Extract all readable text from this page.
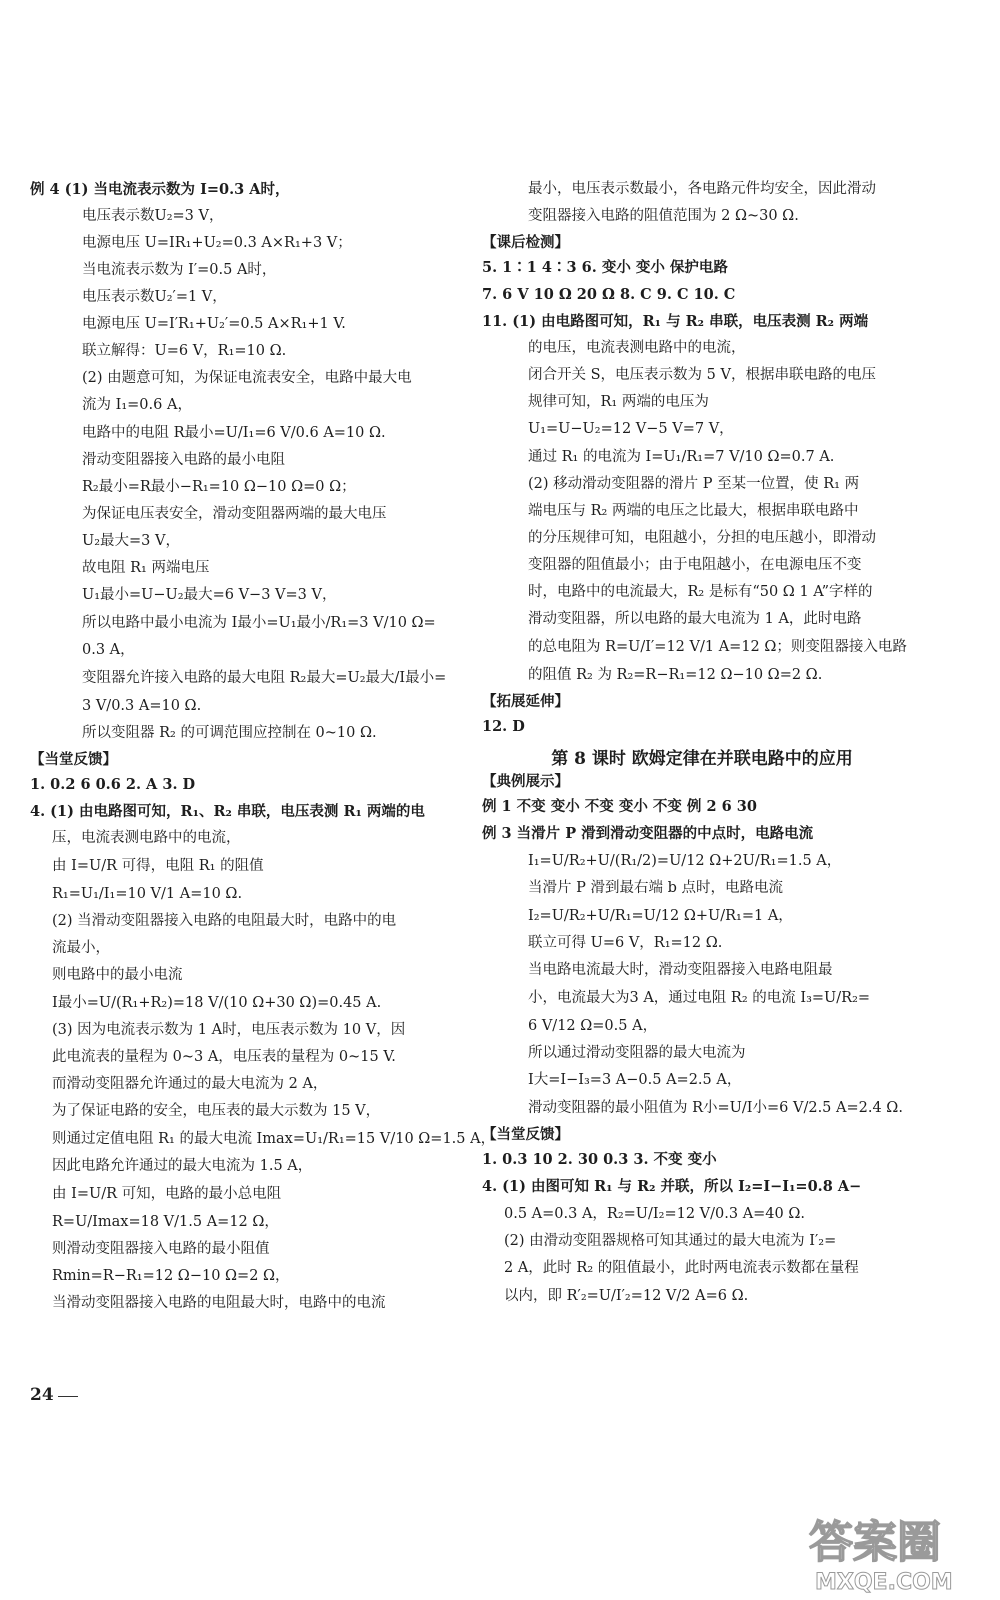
例 4 (1) 当电流表示数为 I=0.3 A时，
电压表示数U₂=3 V，
电源电压 U=IR₁+U₂=0.3 A×R₁+3 V；
当电流表示数为 I′=0.5 A时，
电压表示数U₂′=1 V，
电源电压 U=I′R₁+U₂′=0.5 A×R₁+1 V.
联立解得：U=6 V，R₁=10 Ω.
(2) 由题意可知，为保证电流表安全，电路中最大电
流为 I₁=0.6 A，
电路中的电阻 R最小=U/I₁=6 V/0.6 A=10 Ω.
滑动变阻器接入电路的最小电阻
R₂最小=R最小−R₁=10 Ω−10 Ω=0 Ω；
为保证电压表安全，滑动变阻器两端的最大电压
U₂最大=3 V，
故电阻 R₁ 两端电压
U₁最小=U−U₂最大=6 V−3 V=3 V，
所以电路中最小电流为 I最小=U₁最小/R₁=3 V/10 Ω=
0.3 A，
变阻器允许接入电路的最大电阻 R₂最大=U₂最大/I最小=
3 V/0.3 A=10 Ω.
所以变阻器 R₂ 的可调范围应控制在 0~10 Ω.
【当堂反馈】
1. 0.2 6 0.6 2. A 3. D
4. (1) 由电路图可知，R₁、R₂ 串联，电压表测 R₁ 两端的电
压，电流表测电路中的电流，
由 I=U/R 可得，电阻 R₁ 的阻值
R₁=U₁/I₁=10 V/1 A=10 Ω.
(2) 当滑动变阻器接入电路的电阻最大时，电路中的电
流最小，
则电路中的最小电流
I最小=U/(R₁+R₂)=18 V/(10 Ω+30 Ω)=0.45 A.
(3) 因为电流表示数为 1 A时，电压表示数为 10 V，因
此电流表的量程为 0~3 A，电压表的量程为 0~15 V.
而滑动变阻器允许通过的最大电流为 2 A，
为了保证电路的安全，电压表的最大示数为 15 V，
则通过定值电阻 R₁ 的最大电流 Imax=U₁/R₁=15 V/10 Ω=1.5 A，
因此电路允许通过的最大电流为 1.5 A，
由 I=U/R 可知，电路的最小总电阻
R=U/Imax=18 V/1.5 A=12 Ω，
则滑动变阻器接入电路的最小阻值
Rmin=R−R₁=12 Ω−10 Ω=2 Ω，
当滑动变阻器接入电路的电阻最大时，电路中的电流
最小，电压表示数最小，各电路元件均安全，因此滑动
变阻器接入电路的阻值范围为 2 Ω~30 Ω.
【课后检测】
5. 1∶1 4∶3 6. 变小 变小 保护电路
7. 6 V 10 Ω 20 Ω 8. C 9. C 10. C
11. (1) 由电路图可知，R₁ 与 R₂ 串联，电压表测 R₂ 两端
的电压，电流表测电路中的电流，
闭合开关 S，电压表示数为 5 V，根据串联电路的电压
规律可知，R₁ 两端的电压为
U₁=U−U₂=12 V−5 V=7 V，
通过 R₁ 的电流为 I=U₁/R₁=7 V/10 Ω=0.7 A.
(2) 移动滑动变阻器的滑片 P 至某一位置，使 R₁ 两
端电压与 R₂ 两端的电压之比最大，根据串联电路中
的分压规律可知，电阻越小，分担的电压越小，即滑动
变阻器的阻值最小；由于电阻越小，在电源电压不变
时，电路中的电流最大，R₂ 是标有“50 Ω 1 A”字样的
滑动变阻器，所以电路的最大电流为 1 A，此时电路
的总电阻为 R=U/I′=12 V/1 A=12 Ω；则变阻器接入电路
的阻值 R₂ 为 R₂=R−R₁=12 Ω−10 Ω=2 Ω.
【拓展延伸】
12. D
第 8 课时 欧姆定律在并联电路中的应用
【典例展示】
例 1 不变 变小 不变 变小 不变 例 2 6 30
例 3 当滑片 P 滑到滑动变阻器的中点时，电路电流
I₁=U/R₂+U/(R₁/2)=U/12 Ω+2U/R₁=1.5 A，
当滑片 P 滑到最右端 b 点时，电路电流
I₂=U/R₂+U/R₁=U/12 Ω+U/R₁=1 A，
联立可得 U=6 V，R₁=12 Ω.
当电路电流最大时，滑动变阻器接入电路电阻最
小，电流最大为3 A，通过电阻 R₂ 的电流 I₃=U/R₂=
6 V/12 Ω=0.5 A，
所以通过滑动变阻器的最大电流为
I大=I−I₃=3 A−0.5 A=2.5 A，
滑动变阻器的最小阻值为 R小=U/I小=6 V/2.5 A=2.4 Ω.
【当堂反馈】
1. 0.3 10 2. 30 0.3 3. 不变 变小
4. (1) 由图可知 R₁ 与 R₂ 并联，所以 I₂=I−I₁=0.8 A−
0.5 A=0.3 A，R₂=U/I₂=12 V/0.3 A=40 Ω.
(2) 由滑动变阻器规格可知其通过的最大电流为 I′₂=
2 A，此时 R₂ 的阻值最小，此时两电流表示数都在量程
以内，即 R′₂=U/I′₂=12 V/2 A=6 Ω.
24
答案圈
MXQE.COM
